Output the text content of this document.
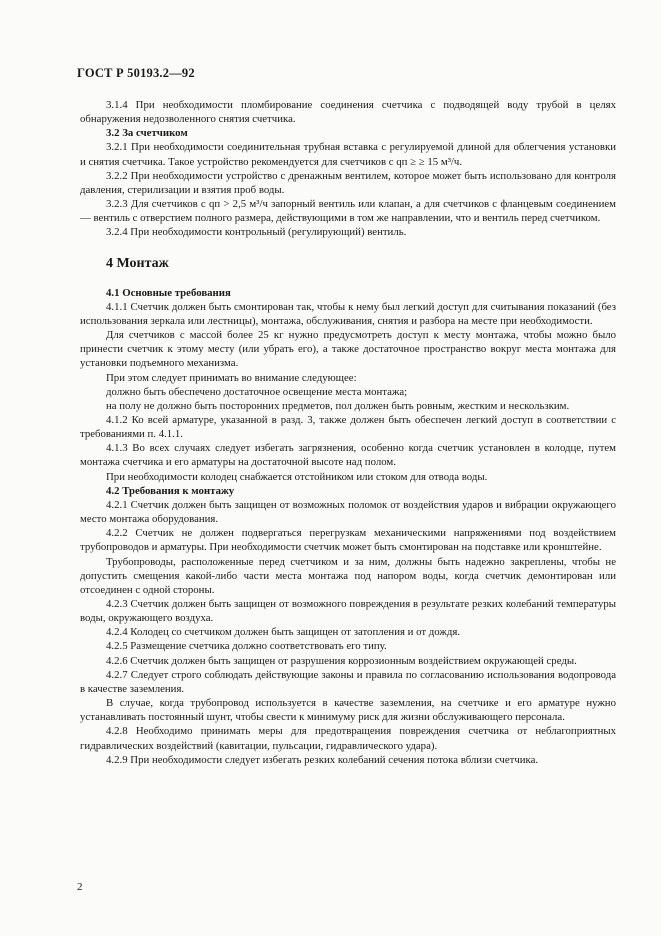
ГОСТ Р 50193.2—92

3.1.4 При необходимости пломбирование соединения счетчика с подводящей воду трубой в целях обнаружения недозволенного снятия счетчика.

3.2 За счетчиком

3.2.1 При необходимости соединительная трубная вставка с регулируемой длиной для облегчения установки и снятия счетчика. Такое устройство рекомендуется для счетчиков с qп ≥ ≥ 15 м³/ч.

3.2.2 При необходимости устройство с дренажным вентилем, которое может быть использовано для контроля давления, стерилизации и взятия проб воды.

3.2.3 Для счетчиков с qп > 2,5 м³/ч запорный вентиль или клапан, а для счетчиков с фланцевым соединением — вентиль с отверстием полного размера, действующими в том же направлении, что и вентиль перед счетчиком.

3.2.4 При необходимости контрольный (регулирующий) вентиль.

4 Монтаж

4.1 Основные требования

4.1.1 Счетчик должен быть смонтирован так, чтобы к нему был легкий доступ для считывания показаний (без использования зеркала или лестницы), монтажа, обслуживания, снятия и разбора на месте при необходимости.

Для счетчиков с массой более 25 кг нужно предусмотреть доступ к месту монтажа, чтобы можно было принести счетчик к этому месту (или убрать его), а также достаточное пространство вокруг места монтажа для установки подъемного механизма.

При этом следует принимать во внимание следующее:

должно быть обеспечено достаточное освещение места монтажа;

на полу не должно быть посторонних предметов, пол должен быть ровным, жестким и нескользким.

4.1.2 Ко всей арматуре, указанной в разд. 3, также должен быть обеспечен легкий доступ в соответствии с требованиями п. 4.1.1.

4.1.3 Во всех случаях следует избегать загрязнения, особенно когда счетчик установлен в колодце, путем монтажа счетчика и его арматуры на достаточной высоте над полом.

При необходимости колодец снабжается отстойником или стоком для отвода воды.

4.2 Требования к монтажу

4.2.1 Счетчик должен быть защищен от возможных поломок от воздействия ударов и вибрации окружающего место монтажа оборудования.

4.2.2 Счетчик не должен подвергаться перегрузкам механическими напряжениями под воздействием трубопроводов и арматуры. При необходимости счетчик может быть смонтирован на подставке или кронштейне.

Трубопроводы, расположенные перед счетчиком и за ним, должны быть надежно закреплены, чтобы не допустить смещения какой-либо части места монтажа под напором воды, когда счетчик демонтирован или отсоединен с одной стороны.

4.2.3 Счетчик должен быть защищен от возможного повреждения в результате резких колебаний температуры воды, окружающего воздуха.

4.2.4 Колодец со счетчиком должен быть защищен от затопления и от дождя.

4.2.5 Размещение счетчика должно соответствовать его типу.

4.2.6 Счетчик должен быть защищен от разрушения коррозионным воздействием окружающей среды.

4.2.7 Следует строго соблюдать действующие законы и правила по согласованию использования водопровода в качестве заземления.

В случае, когда трубопровод используется в качестве заземления, на счетчике и его арматуре нужно устанавливать постоянный шунт, чтобы свести к минимуму риск для жизни обслуживающего персонала.

4.2.8 Необходимо принимать меры для предотвращения повреждения счетчика от неблагоприятных гидравлических воздействий (кавитации, пульсации, гидравлического удара).

4.2.9 При необходимости следует избегать резких колебаний сечения потока вблизи счетчика.

2
